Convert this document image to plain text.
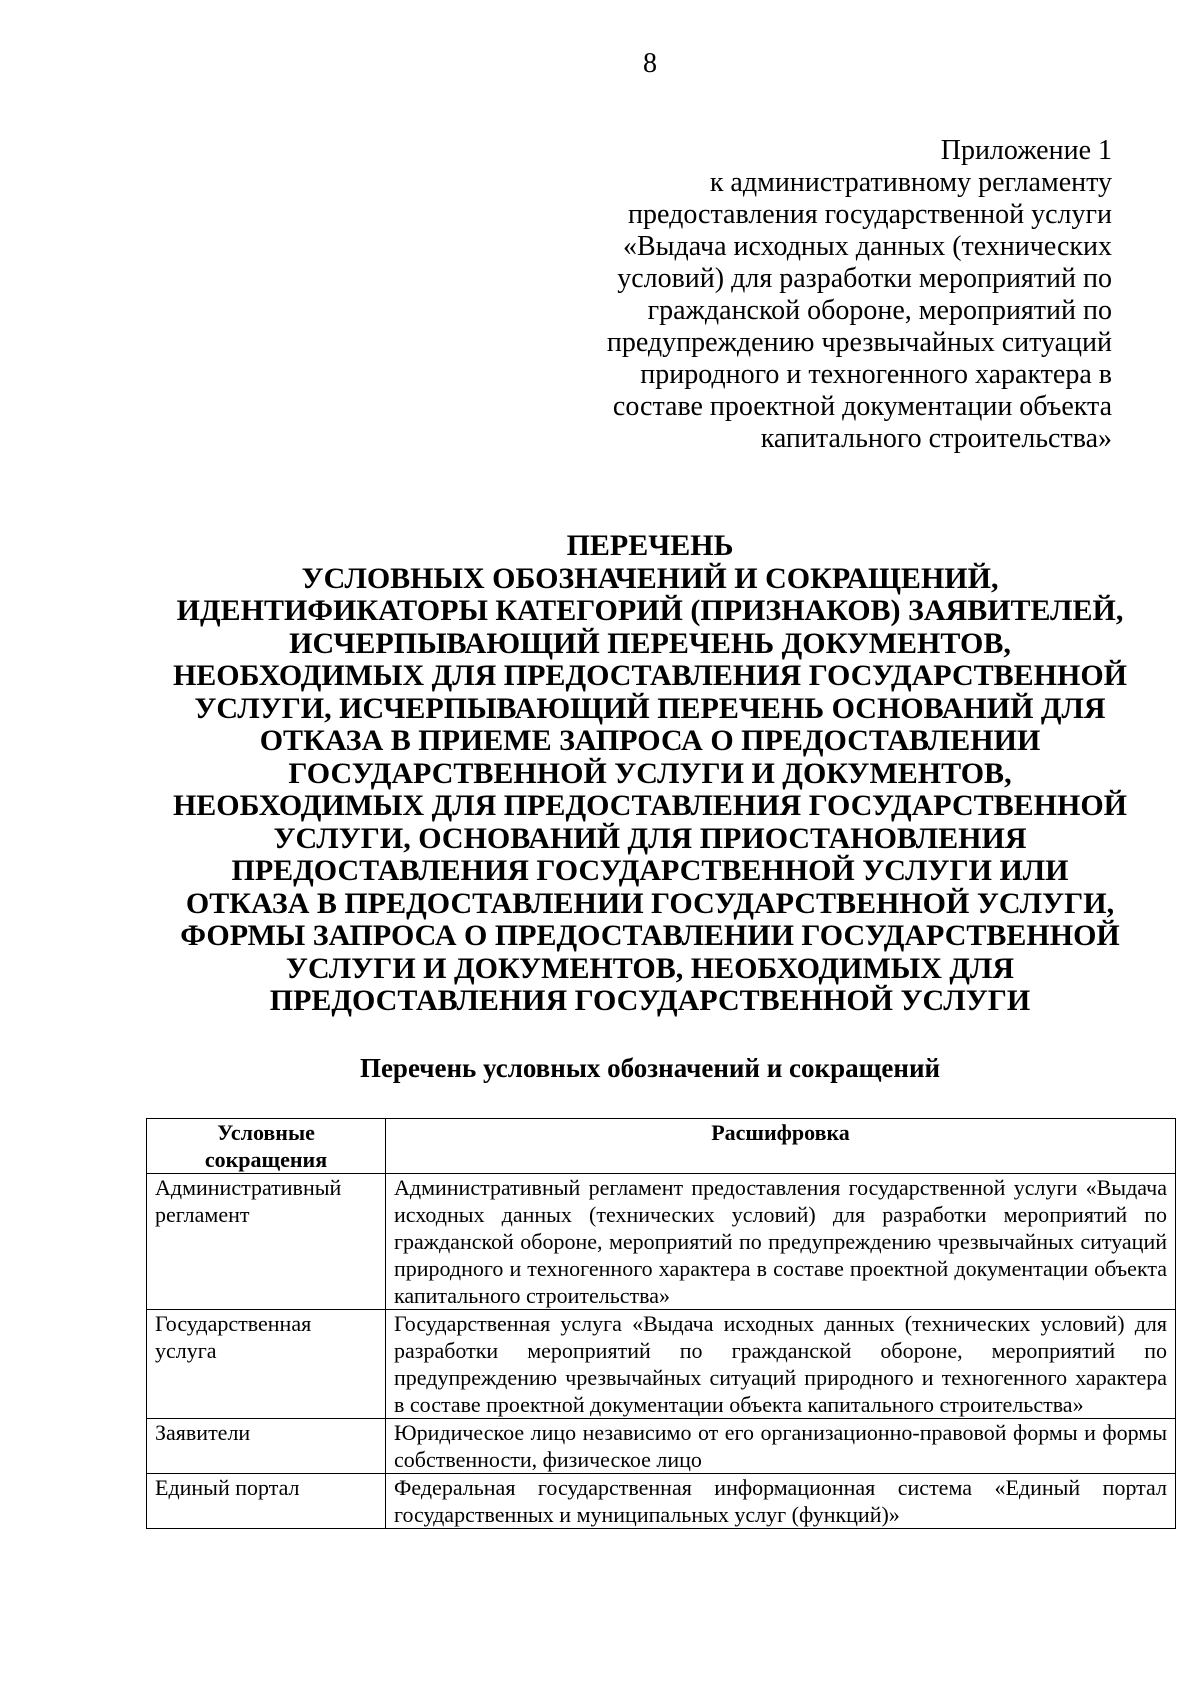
8
Приложение 1
к административному регламенту
предоставления государственной услуги
«Выдача исходных данных (технических
условий) для разработки мероприятий по
гражданской обороне, мероприятий по
предупреждению чрезвычайных ситуаций
природного и техногенного характера в
составе проектной документации объекта
капитального строительства»
ПЕРЕЧЕНЬ
УСЛОВНЫХ ОБОЗНАЧЕНИЙ И СОКРАЩЕНИЙ,
ИДЕНТИФИКАТОРЫ КАТЕГОРИЙ (ПРИЗНАКОВ) ЗАЯВИТЕЛЕЙ,
ИСЧЕРПЫВАЮЩИЙ ПЕРЕЧЕНЬ ДОКУМЕНТОВ,
НЕОБХОДИМЫХ ДЛЯ ПРЕДОСТАВЛЕНИЯ ГОСУДАРСТВЕННОЙ
УСЛУГИ, ИСЧЕРПЫВАЮЩИЙ ПЕРЕЧЕНЬ ОСНОВАНИЙ ДЛЯ
ОТКАЗА В ПРИЕМЕ ЗАПРОСА О ПРЕДОСТАВЛЕНИИ
ГОСУДАРСТВЕННОЙ УСЛУГИ И ДОКУМЕНТОВ,
НЕОБХОДИМЫХ ДЛЯ ПРЕДОСТАВЛЕНИЯ ГОСУДАРСТВЕННОЙ
УСЛУГИ, ОСНОВАНИЙ ДЛЯ ПРИОСТАНОВЛЕНИЯ
ПРЕДОСТАВЛЕНИЯ ГОСУДАРСТВЕННОЙ УСЛУГИ ИЛИ
ОТКАЗА В ПРЕДОСТАВЛЕНИИ ГОСУДАРСТВЕННОЙ УСЛУГИ,
ФОРМЫ ЗАПРОСА О ПРЕДОСТАВЛЕНИИ ГОСУДАРСТВЕННОЙ
УСЛУГИ И ДОКУМЕНТОВ, НЕОБХОДИМЫХ ДЛЯ
ПРЕДОСТАВЛЕНИЯ ГОСУДАРСТВЕННОЙ УСЛУГИ
Перечень условных обозначений и сокращений
Условные сокращения	Расшифровка
Административный регламент	Административный регламент предоставления государственной услуги «Выдача исходных данных (технических условий) для разработки мероприятий по гражданской обороне, мероприятий по предупреждению чрезвычайных ситуаций природного и техногенного характера в составе проектной документации объекта капитального строительства»
Государственная услуга	Государственная услуга «Выдача исходных данных (технических условий) для разработки мероприятий по гражданской обороне, мероприятий по предупреждению чрезвычайных ситуаций природного и техногенного характера в составе проектной документации объекта капитального строительства»
Заявители	Юридическое лицо независимо от его организационно-правовой формы и формы собственности, физическое лицо
Единый портал	Федеральная государственная информационная система «Единый портал государственных и муниципальных услуг (функций)»
